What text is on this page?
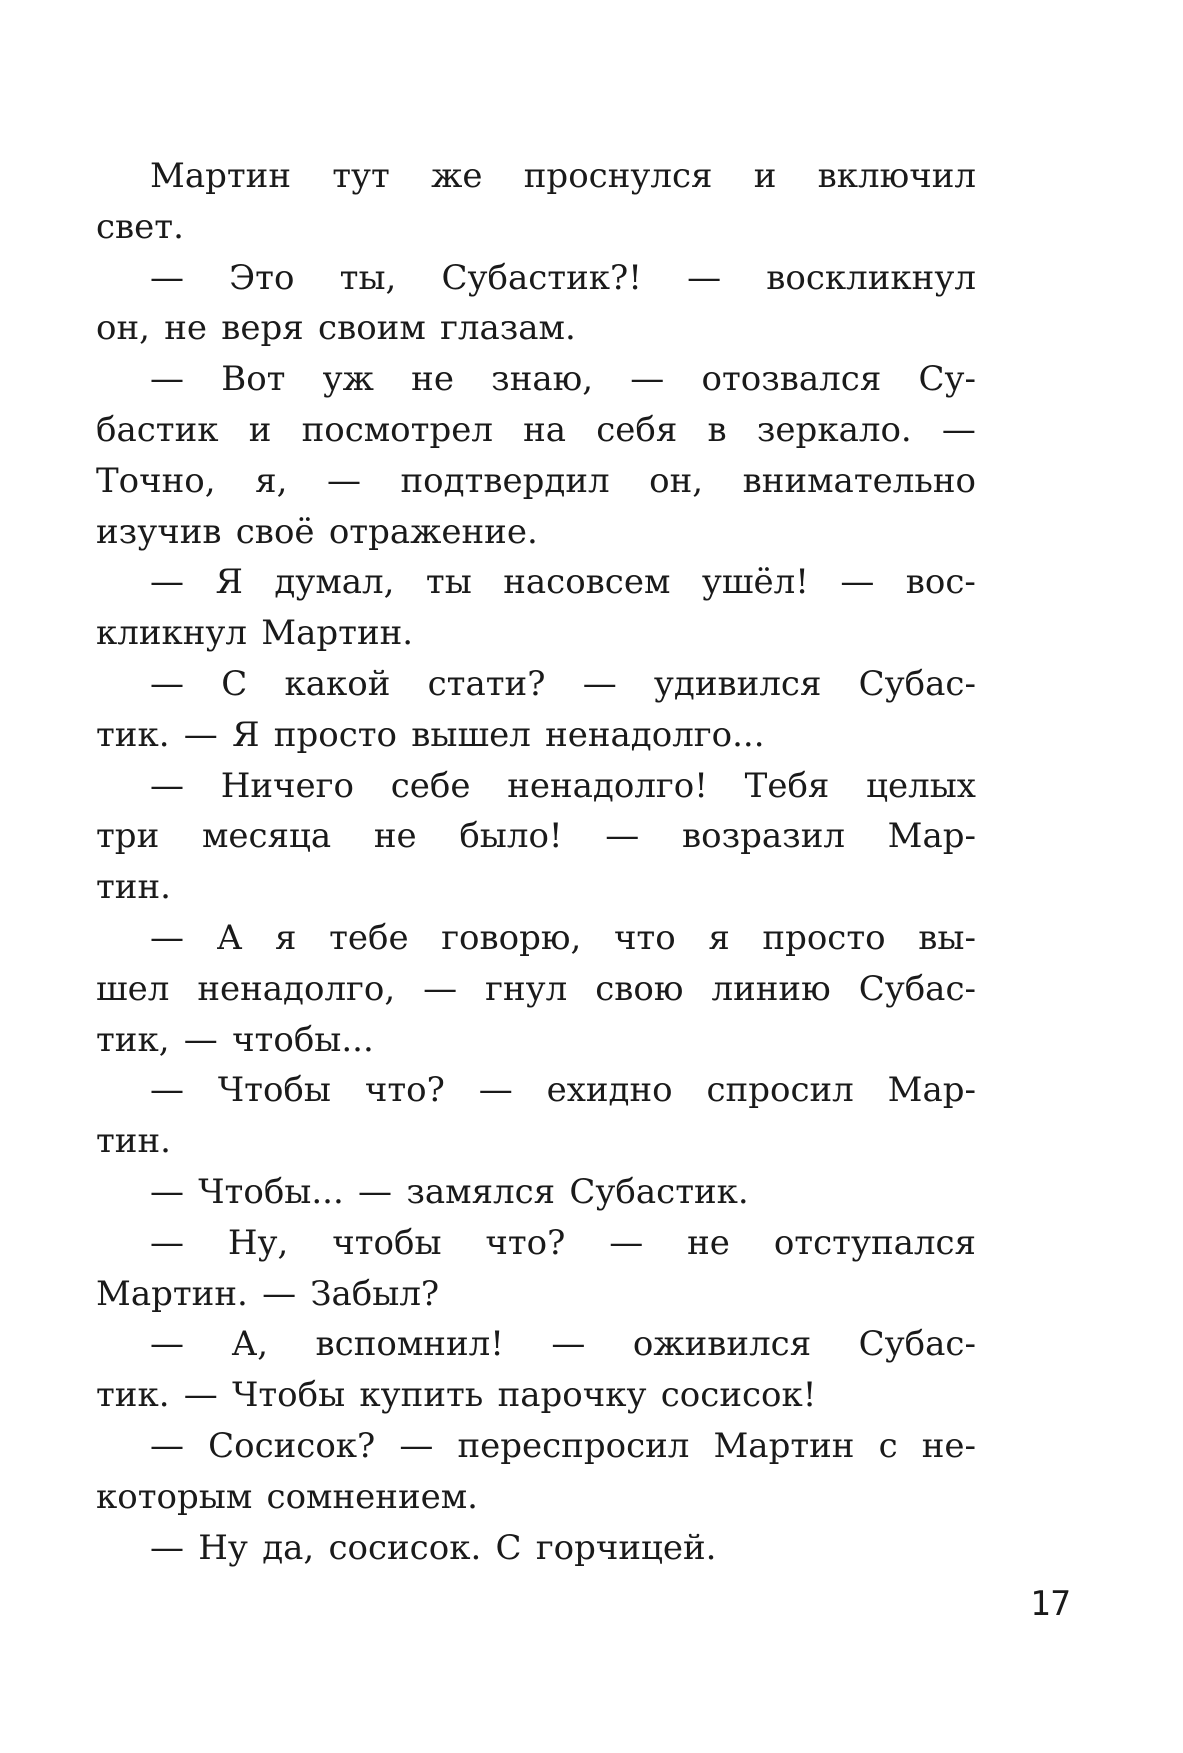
Мартин тут же проснулся и включил
свет.
— Это ты, Субастик?! — воскликнул
он, не веря своим глазам.
— Вот уж не знаю, — отозвался Су-
бастик и посмотрел на себя в зеркало. —
Точно, я, — подтвердил он, внимательно
изучив своё отражение.
— Я думал, ты насовсем ушёл! — вос-
кликнул Мартин.
— С какой стати? — удивился Субас-
тик. — Я просто вышел ненадолго...
— Ничего себе ненадолго! Тебя целых
три месяца не было! — возразил Мар-
тин.
— А я тебе говорю, что я просто вы-
шел ненадолго, — гнул свою линию Субас-
тик, — чтобы...
— Чтобы что? — ехидно спросил Мар-
тин.
— Чтобы... — замялся Субастик.
— Ну, чтобы что? — не отступался
Мартин. — Забыл?
— А, вспомнил! — оживился Субас-
тик. — Чтобы купить парочку сосисок!
— Сосисок? — переспросил Мартин с не-
которым сомнением.
— Ну да, сосисок. С горчицей.
17
